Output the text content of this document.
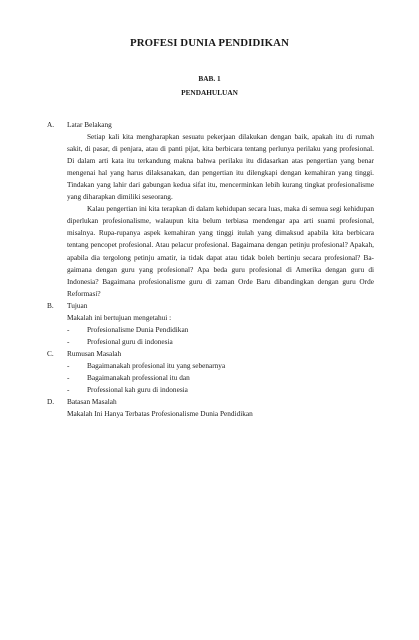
PROFESI DUNIA PENDIDIKAN
BAB. 1
PENDAHULUAN
A. Latar Belakang
Setiap kali kita mengharapkan sesuatu pekerjaan dilakukan dengan baik, apakah itu di rumah sakit, di pasar, di penjara, atau di panti pijat, kita berbicara tentang perlunya perilaku yang profesional. Di dalam arti kata itu terkandung makna bahwa perilaku itu didasarkan atas pengertian yang benar mengenai hal yang harus dilaksanakan, dan pengertian itu dilengkapi dengan kemahiran yang tinggi. Tindakan yang lahir dari gabungan kedua sifat itu, mencerminkan lebih kurang tingkat profesionalisme yang diharapkan dimiliki seseorang.
Kalau pengertian ini kita terapkan di dalam kehidupan secara luas, maka di semua segi kehidupan diperlukan profesionalisme, walaupun kita belum terbiasa mendengar apa arti suami profesional, misalnya. Rupa-rupanya aspek kemahiran yang tinggi itulah yang dimaksud apabila kita berbicara tentang pencopet profesional. Atau pelacur profesional. Bagaimana dengan petinju profesional? Apakah, apabila dia tergolong petinju amatir, ia tidak dapat atau tidak boleh bertinju secara profesional? Ba-gaimana dengan guru yang profesional? Apa beda guru profesional di Amerika dengan guru di Indonesia? Bagaimana profesionalisme guru di zaman Orde Baru dibandingkan dengan guru Orde Reformasi?
B. Tujuan
Makalah ini bertujuan mengetahui :
- Profesionalisme Dunia Pendidikan
- Profesional guru di indonesia
C. Rumusan Masalah
- Bagaimanakah profesional itu yang sebenarnya
- Bagaimanakah professional itu dan
- Professional kah guru di indonesia
D. Batasan Masalah
Makalah Ini Hanya Terbatas Profesionalisme Dunia Pendidikan
